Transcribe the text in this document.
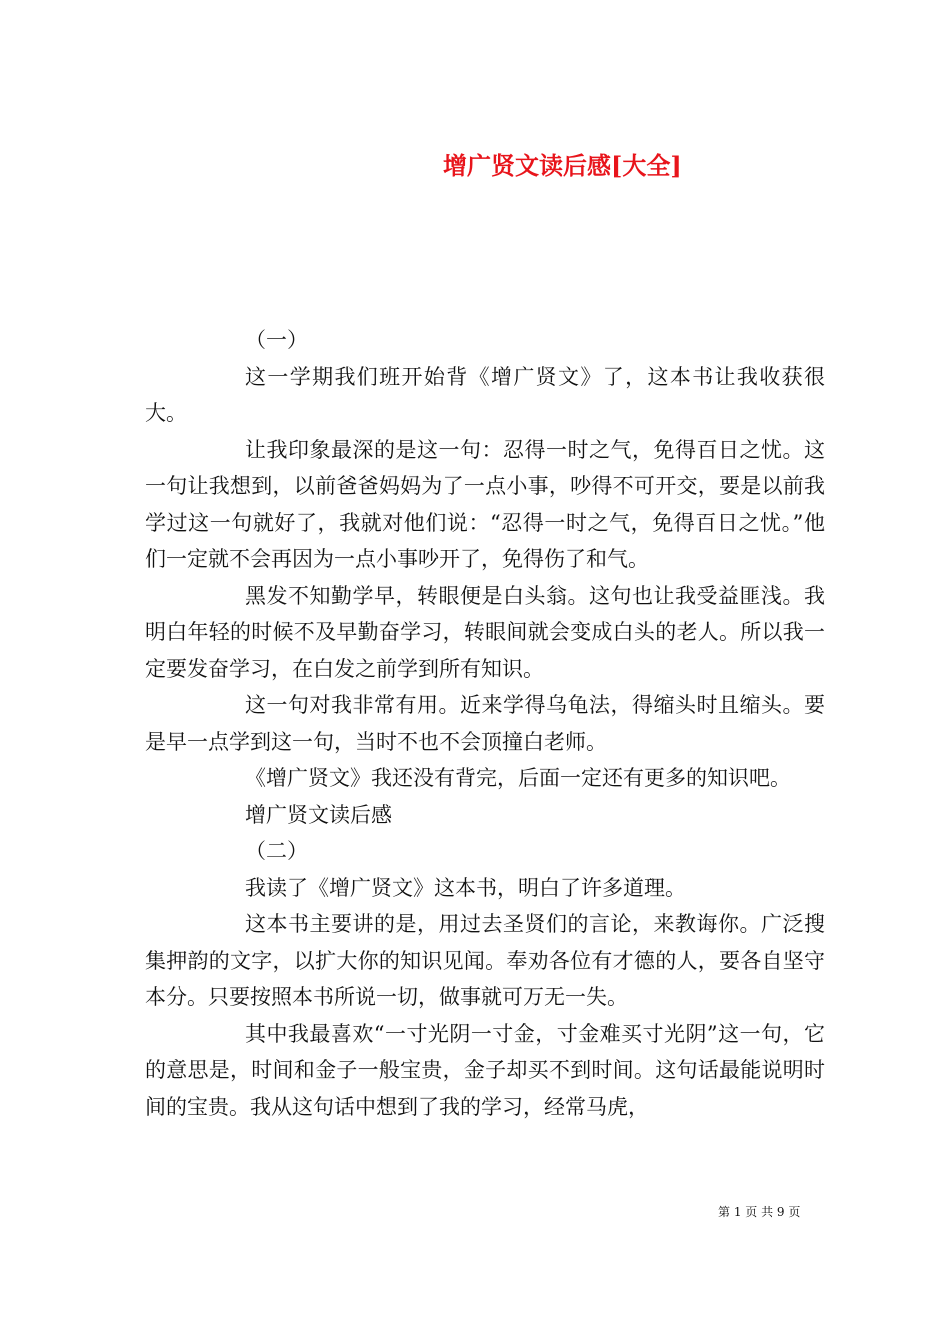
增广贤文读后感[大全]

（一）

这一学期我们班开始背《增广贤文》了，这本书让我收获很大。

让我印象最深的是这一句：忍得一时之气，免得百日之忧。这一句让我想到，以前爸爸妈妈为了一点小事，吵得不可开交，要是以前我学过这一句就好了，我就对他们说：“忍得一时之气，免得百日之忧。”他们一定就不会再因为一点小事吵开了，免得伤了和气。

黑发不知勤学早，转眼便是白头翁。这句也让我受益匪浅。我明白年轻的时候不及早勤奋学习，转眼间就会变成白头的老人。所以我一定要发奋学习，在白发之前学到所有知识。

这一句对我非常有用。近来学得乌龟法，得缩头时且缩头。要是早一点学到这一句，当时不也不会顶撞白老师。

《增广贤文》我还没有背完，后面一定还有更多的知识吧。

增广贤文读后感

（二）

我读了《增广贤文》这本书，明白了许多道理。

这本书主要讲的是，用过去圣贤们的言论，来教诲你。广泛搜集押韵的文字，以扩大你的知识见闻。奉劝各位有才德的人，要各自坚守本分。只要按照本书所说一切，做事就可万无一失。

其中我最喜欢“一寸光阴一寸金，寸金难买寸光阴”这一句，它的意思是，时间和金子一般宝贵，金子却买不到时间。这句话最能说明时间的宝贵。我从这句话中想到了我的学习，经常马虎，

第 1 页 共 9 页
